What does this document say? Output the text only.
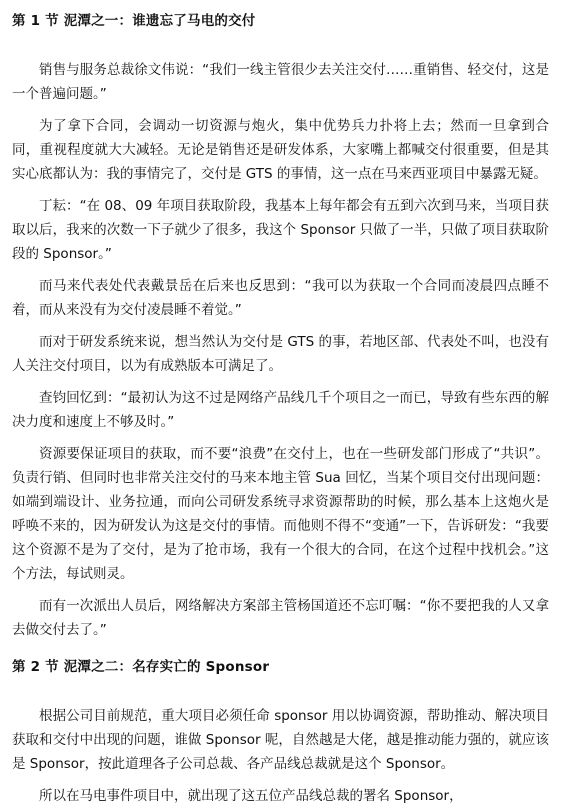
第 1 节 泥潭之一：谁遗忘了马电的交付

销售与服务总裁徐文伟说：“我们一线主管很少去关注交付……重销售、轻交付，这是一个普遍问题。”

为了拿下合同，会调动一切资源与炮火，集中优势兵力扑将上去；然而一旦拿到合同，重视程度就大大减轻。无论是销售还是研发体系，大家嘴上都喊交付很重要，但是其实心底都认为：我的事情完了，交付是 GTS 的事情，这一点在马来西亚项目中暴露无疑。

丁耘：“在 08、09 年项目获取阶段，我基本上每年都会有五到六次到马来，当项目获取以后，我来的次数一下子就少了很多，我这个 Sponsor 只做了一半，只做了项目获取阶段的 Sponsor。”

而马来代表处代表戴景岳在后来也反思到：“我可以为获取一个合同而凌晨四点睡不着，而从来没有为交付凌晨睡不着觉。”

而对于研发系统来说，想当然认为交付是 GTS 的事，若地区部、代表处不叫，也没有人关注交付项目，以为有成熟版本可满足了。

查钧回忆到：“最初认为这不过是网络产品线几千个项目之一而已，导致有些东西的解决力度和速度上不够及时。”

资源要保证项目的获取，而不要“浪费”在交付上，也在一些研发部门形成了“共识”。 负责行销、但同时也非常关注交付的马来本地主管 Sua 回忆，当某个项目交付出现问题：如端到端设计、业务拉通，而向公司研发系统寻求资源帮助的时候，那么基本上这炮火是呼唤不来的，因为研发认为这是交付的事情。而他则不得不“变通”一下，告诉研发：“我要这个资源不是为了交付，是为了抢市场，我有一个很大的合同，在这个过程中找机会。”这个方法，每试则灵。

而有一次派出人员后，网络解决方案部主管杨国道还不忘叮嘱：“你不要把我的人又拿去做交付去了。”

第 2 节 泥潭之二：名存实亡的 Sponsor

根据公司目前规范，重大项目必须任命 sponsor 用以协调资源，帮助推动、解决项目获取和交付中出现的问题，谁做 Sponsor 呢，自然越是大佬，越是推动能力强的，就应该是 Sponsor，按此道理各子公司总裁、各产品线总裁就是这个 Sponsor。

所以在马电事件项目中，就出现了这五位产品线总裁的署名 Sponsor，
